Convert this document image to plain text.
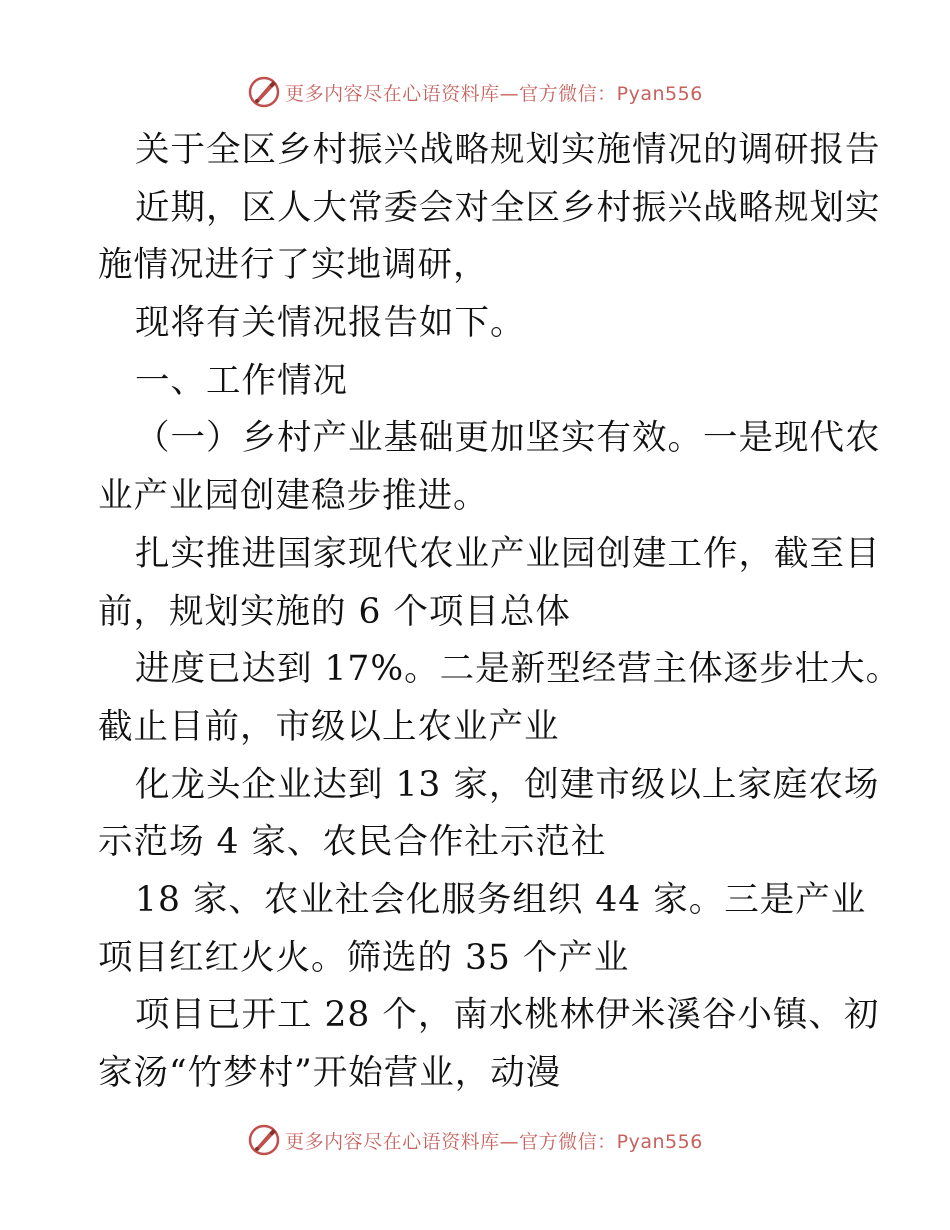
更多内容尽在心语资料库—官方微信：Pyan556
关于全区乡村振兴战略规划实施情况的调研报告
近期，区人大常委会对全区乡村振兴战略规划实
施情况进行了实地调研，
现将有关情况报告如下。
一、工作情况
（一）乡村产业基础更加坚实有效。一是现代农
业产业园创建稳步推进。
扎实推进国家现代农业产业园创建工作，截至目
前，规划实施的 6 个项目总体
进度已达到 17%。二是新型经营主体逐步壮大。
截止目前，市级以上农业产业
化龙头企业达到 13 家，创建市级以上家庭农场
示范场 4 家、农民合作社示范社
18 家、农业社会化服务组织 44 家。三是产业
项目红红火火。筛选的 35 个产业
项目已开工 28 个，南水桃林伊米溪谷小镇、初
家汤“竹梦村”开始营业，动漫
更多内容尽在心语资料库—官方微信：Pyan556
